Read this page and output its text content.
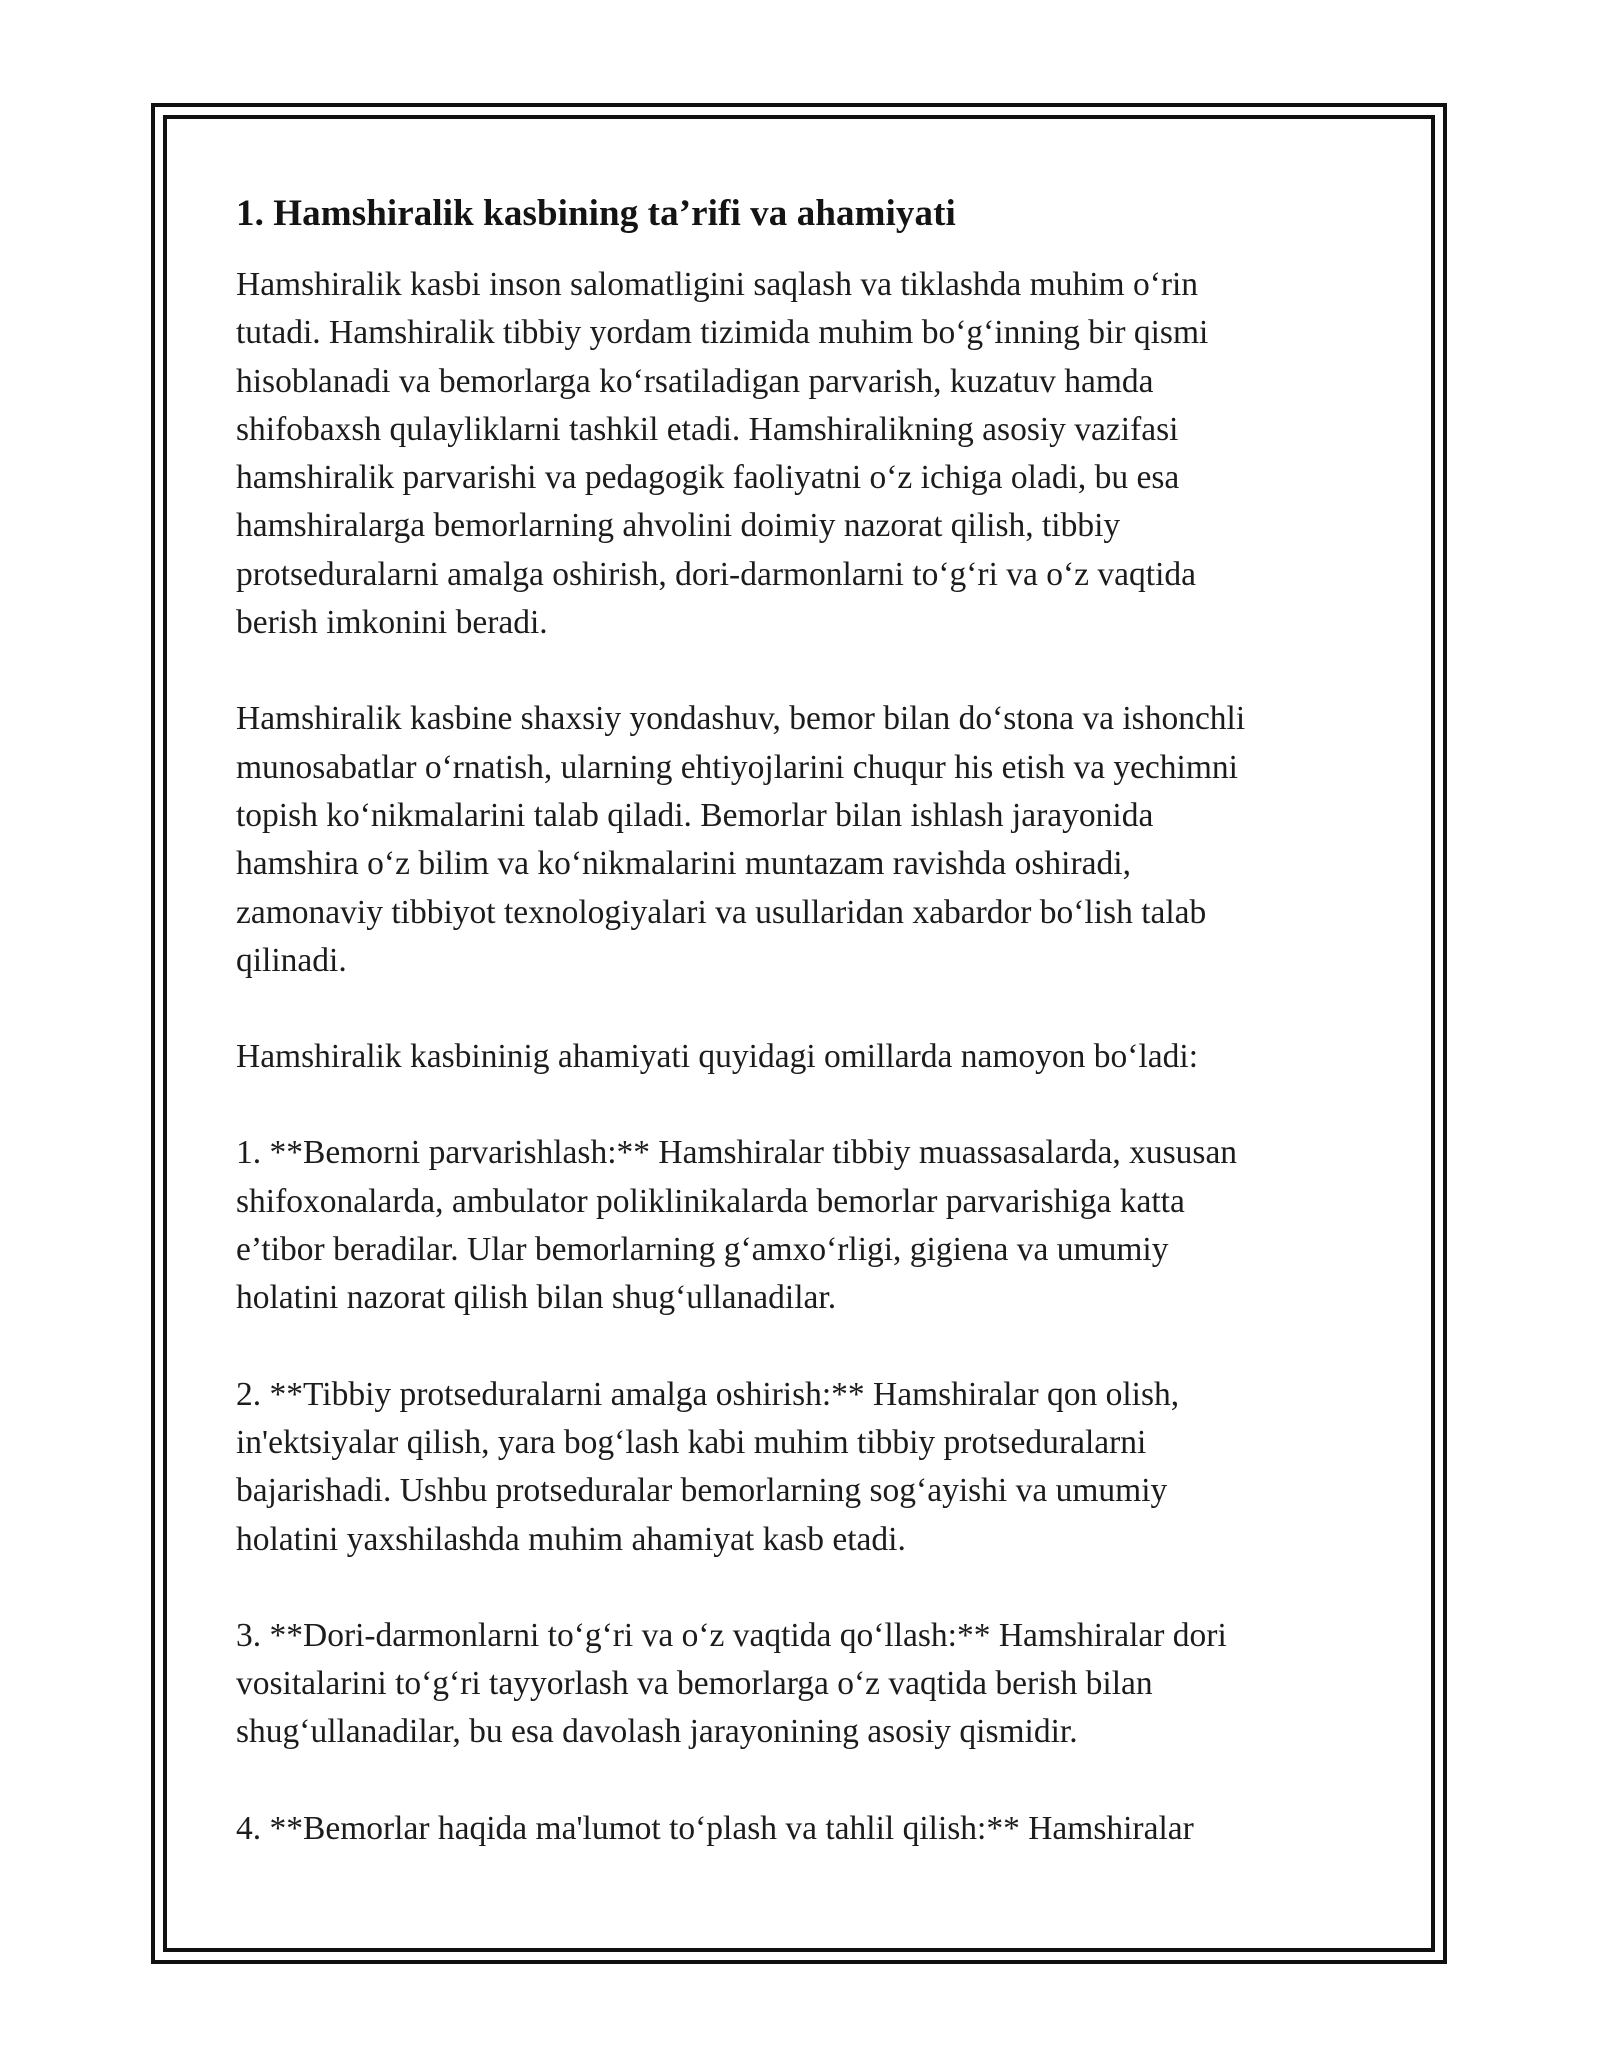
1. Hamshiralik kasbining ta’rifi va ahamiyati

Hamshiralik kasbi inson salomatligini saqlash va tiklashda muhim oʻrin
tutadi. Hamshiralik tibbiy yordam tizimida muhim boʻgʻinning bir qismi
hisoblanadi va bemorlarga koʻrsatiladigan parvarish, kuzatuv hamda
shifobaxsh qulayliklarni tashkil etadi. Hamshiralikning asosiy vazifasi
hamshiralik parvarishi va pedagogik faoliyatni oʻz ichiga oladi, bu esa
hamshiralarga bemorlarning ahvolini doimiy nazorat qilish, tibbiy
protseduralarni amalga oshirish, dori-darmonlarni toʻgʻri va oʻz vaqtida
berish imkonini beradi.

Hamshiralik kasbine shaxsiy yondashuv, bemor bilan doʻstona va ishonchli
munosabatlar oʻrnatish, ularning ehtiyojlarini chuqur his etish va yechimni
topish koʻnikmalarini talab qiladi. Bemorlar bilan ishlash jarayonida
hamshira oʻz bilim va koʻnikmalarini muntazam ravishda oshiradi,
zamonaviy tibbiyot texnologiyalari va usullaridan xabardor boʻlish talab
qilinadi.

Hamshiralik kasbininig ahamiyati quyidagi omillarda namoyon boʻladi:

1. **Bemorni parvarishlash:** Hamshiralar tibbiy muassasalarda, xususan
shifoxonalarda, ambulator poliklinikalarda bemorlar parvarishiga katta
e’tibor beradilar. Ular bemorlarning gʻamxoʻrligi, gigiena va umumiy
holatini nazorat qilish bilan shugʻullanadilar.

2. **Tibbiy protseduralarni amalga oshirish:** Hamshiralar qon olish,
in'ektsiyalar qilish, yara bogʻlash kabi muhim tibbiy protseduralarni
bajarishadi. Ushbu protseduralar bemorlarning sogʻayishi va umumiy
holatini yaxshilashda muhim ahamiyat kasb etadi.

3. **Dori-darmonlarni toʻgʻri va oʻz vaqtida qoʻllash:** Hamshiralar dori
vositalarini toʻgʻri tayyorlash va bemorlarga oʻz vaqtida berish bilan
shugʻullanadilar, bu esa davolash jarayonining asosiy qismidir.

4. **Bemorlar haqida ma'lumot toʻplash va tahlil qilish:** Hamshiralar
